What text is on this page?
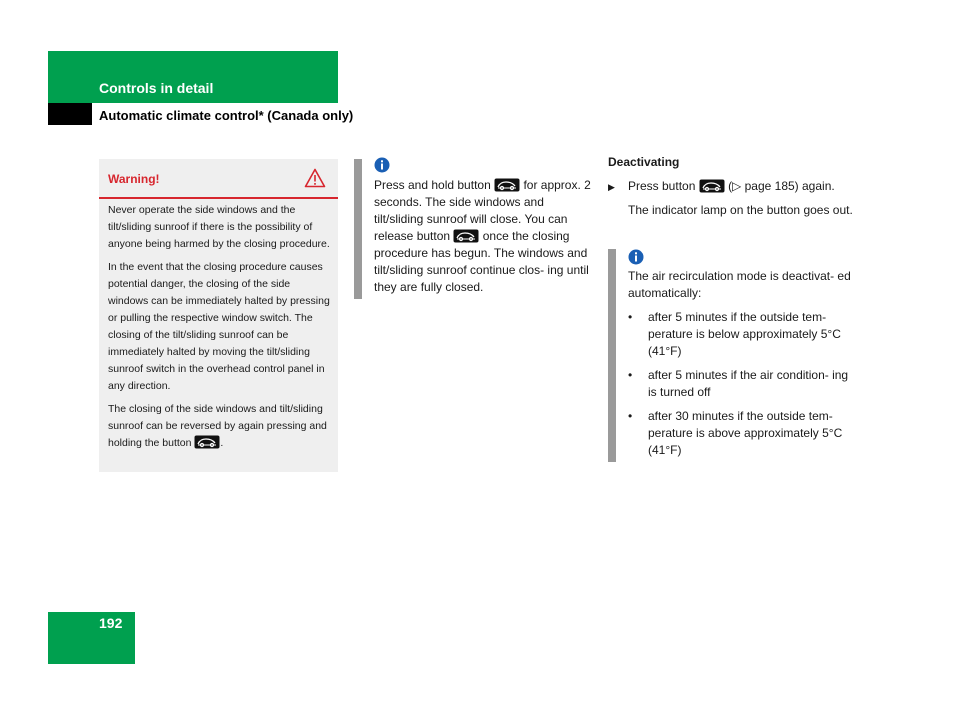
Controls in detail
Automatic climate control* (Canada only)
Warning!

Never operate the side windows and the tilt/sliding sunroof if there is the possibility of anyone being harmed by the closing procedure.

In the event that the closing procedure causes potential danger, the closing of the side windows can be immediately halted by pressing or pulling the respective window switch. The closing of the tilt/sliding sunroof can be immediately halted by moving the tilt/sliding sunroof switch in the overhead control panel in any direction.

The closing of the side windows and tilt/sliding sunroof can be reversed by again pressing and holding the button	.

Press and hold button	for approx. 2 seconds. The side windows and tilt/sliding sunroof will close. You can release button	once the closing procedure has begun. The windows and tilt/sliding sunroof continue clos- ing until they are fully closed.
Deactivating
▶ Press button	(▷ page 185) again.
The indicator lamp on the button goes out.
The air recirculation mode is deactivat- ed automatically:
• after 5 minutes if the outside tem- perature is below approximately 5°C (41°F)
• after 5 minutes if the air condition- ing is turned off
• after 30 minutes if the outside tem- perature is above approximately 5°C (41°F)
192
